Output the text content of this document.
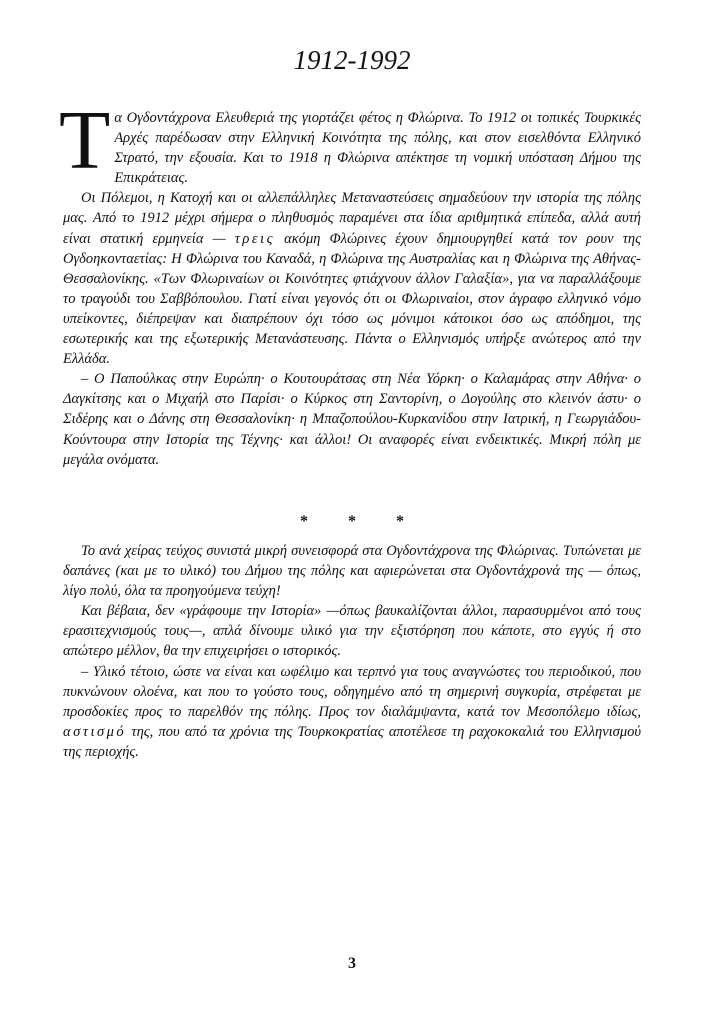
1912-1992

Τα Ογδοντάχρονα Ελευθεριά της γιορτάζει φέτος η Φλώρινα. Το 1912 οι τοπικές Τουρκικές Αρχές παρέδωσαν στην Ελληνική Κοινότητα της πόλης, και στον εισελθόντα Ελληνικό Στρατό, την εξουσία. Και το 1918 η Φλώρινα απέκτησε τη νομική υπόσταση Δήμου της Επικράτειας.

Οι Πόλεμοι, η Κατοχή και οι αλλεπάλληλες Μεταναστεύσεις σημαδεύουν την ιστορία της πόλης μας. Από το 1912 μέχρι σήμερα ο πληθυσμός παραμένει στα ίδια αριθμητικά επίπεδα, αλλά αυτή είναι στατική ερμηνεία — τρεις ακόμη Φλώρινες έχουν δημιουργηθεί κατά τον ρουν της Ογδοηκονταετίας: Η Φλώρινα του Καναδά, η Φλώρινα της Αυστραλίας και η Φλώρινα της Αθήνας-Θεσσαλονίκης. «Των Φλωριναίων οι Κοινότητες φτιάχνουν άλλον Γαλαξία», για να παραλλάξουμε το τραγούδι του Σαββόπουλου. Γιατί είναι γεγονός ότι οι Φλωριναίοι, στον άγραφο ελληνικό νόμο υπείκοντες, διέπρεψαν και διαπρέπουν όχι τόσο ως μόνιμοι κάτοικοι όσο ως απόδημοι, της εσωτερικής και της εξωτερικής Μετανάστευσης. Πάντα ο Ελληνισμός υπήρξε ανώτερος από την Ελλάδα.

– Ο Παπούλκας στην Ευρώπη· ο Κουτουράτσας στη Νέα Υόρκη· ο Καλαμάρας στην Αθήνα· ο Δαγκίτσης και ο Μιχαήλ στο Παρίσι· ο Κύρκος στη Σαντορίνη, ο Δογούλης στο κλεινόν άστυ· ο Σιδέρης και ο Δάνης στη Θεσσαλονίκη· η Μπαζοπούλου-Κυρκανίδου στην Ιατρική, η Γεωργιάδου-Κούντουρα στην Ιστορία της Τέχνης· και άλλοι! Οι αναφορές είναι ενδεικτικές. Μικρή πόλη με μεγάλα ονόματα.

* * *

Το ανά χείρας τεύχος συνιστά μικρή συνεισφορά στα Ογδοντάχρονα της Φλώρινας. Τυπώνεται με δαπάνες (και με το υλικό) του Δήμου της πόλης και αφιερώνεται στα Ογδοντάχρονά της — όπως, λίγο πολύ, όλα τα προηγούμενα τεύχη!

Και βέβαια, δεν «γράφουμε την Ιστορία» —όπως βαυκαλίζονται άλλοι, παρασυρμένοι από τους ερασιτεχνισμούς τους—, απλά δίνουμε υλικό για την εξιστόρηση που κάποτε, στο εγγύς ή στο απώτερο μέλλον, θα την επιχειρήσει ο ιστορικός.

– Υλικό τέτοιο, ώστε να είναι και ωφέλιμο και τερπνό για τους αναγνώστες του περιοδικού, που πυκνώνουν ολοένα, και που το γούστο τους, οδηγημένο από τη σημερινή συγκυρία, στρέφεται με προσδοκίες προς το παρελθόν της πόλης. Προς τον διαλάμψαντα, κατά τον Μεσοπόλεμο ιδίως, αστισμό της, που από τα χρόνια της Τουρκοκρατίας αποτέλεσε τη ραχοκοκαλιά του Ελληνισμού της περιοχής.

3
